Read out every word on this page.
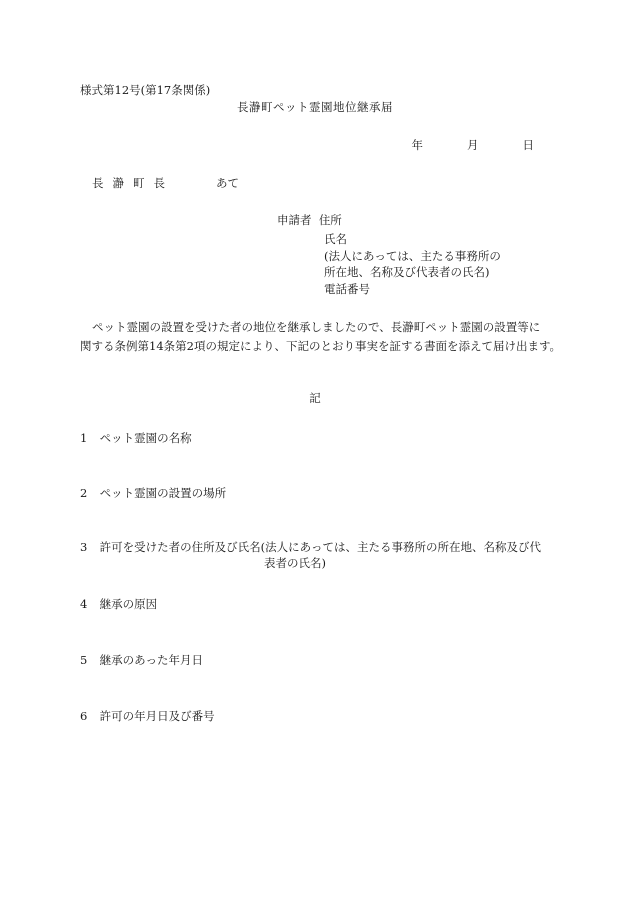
様式第12号(第17条関係)
長瀞町ペット霊園地位継承届
年	月	日
長瀞町長	あて
申請者 住所
氏名
(法人にあっては、主たる事務所の
所在地、名称及び代表者の氏名)
電話番号
ペット霊園の設置を受けた者の地位を継承しましたので、長瀞町ペット霊園の設置等に
関する条例第14条第2項の規定により、下記のとおり事実を証する書面を添えて届け出ます。
記
1 ペット霊園の名称
2 ペット霊園の設置の場所
3 許可を受けた者の住所及び氏名(法人にあっては、主たる事務所の所在地、名称及び代
表者の氏名)
4 継承の原因
5 継承のあった年月日
6 許可の年月日及び番号
